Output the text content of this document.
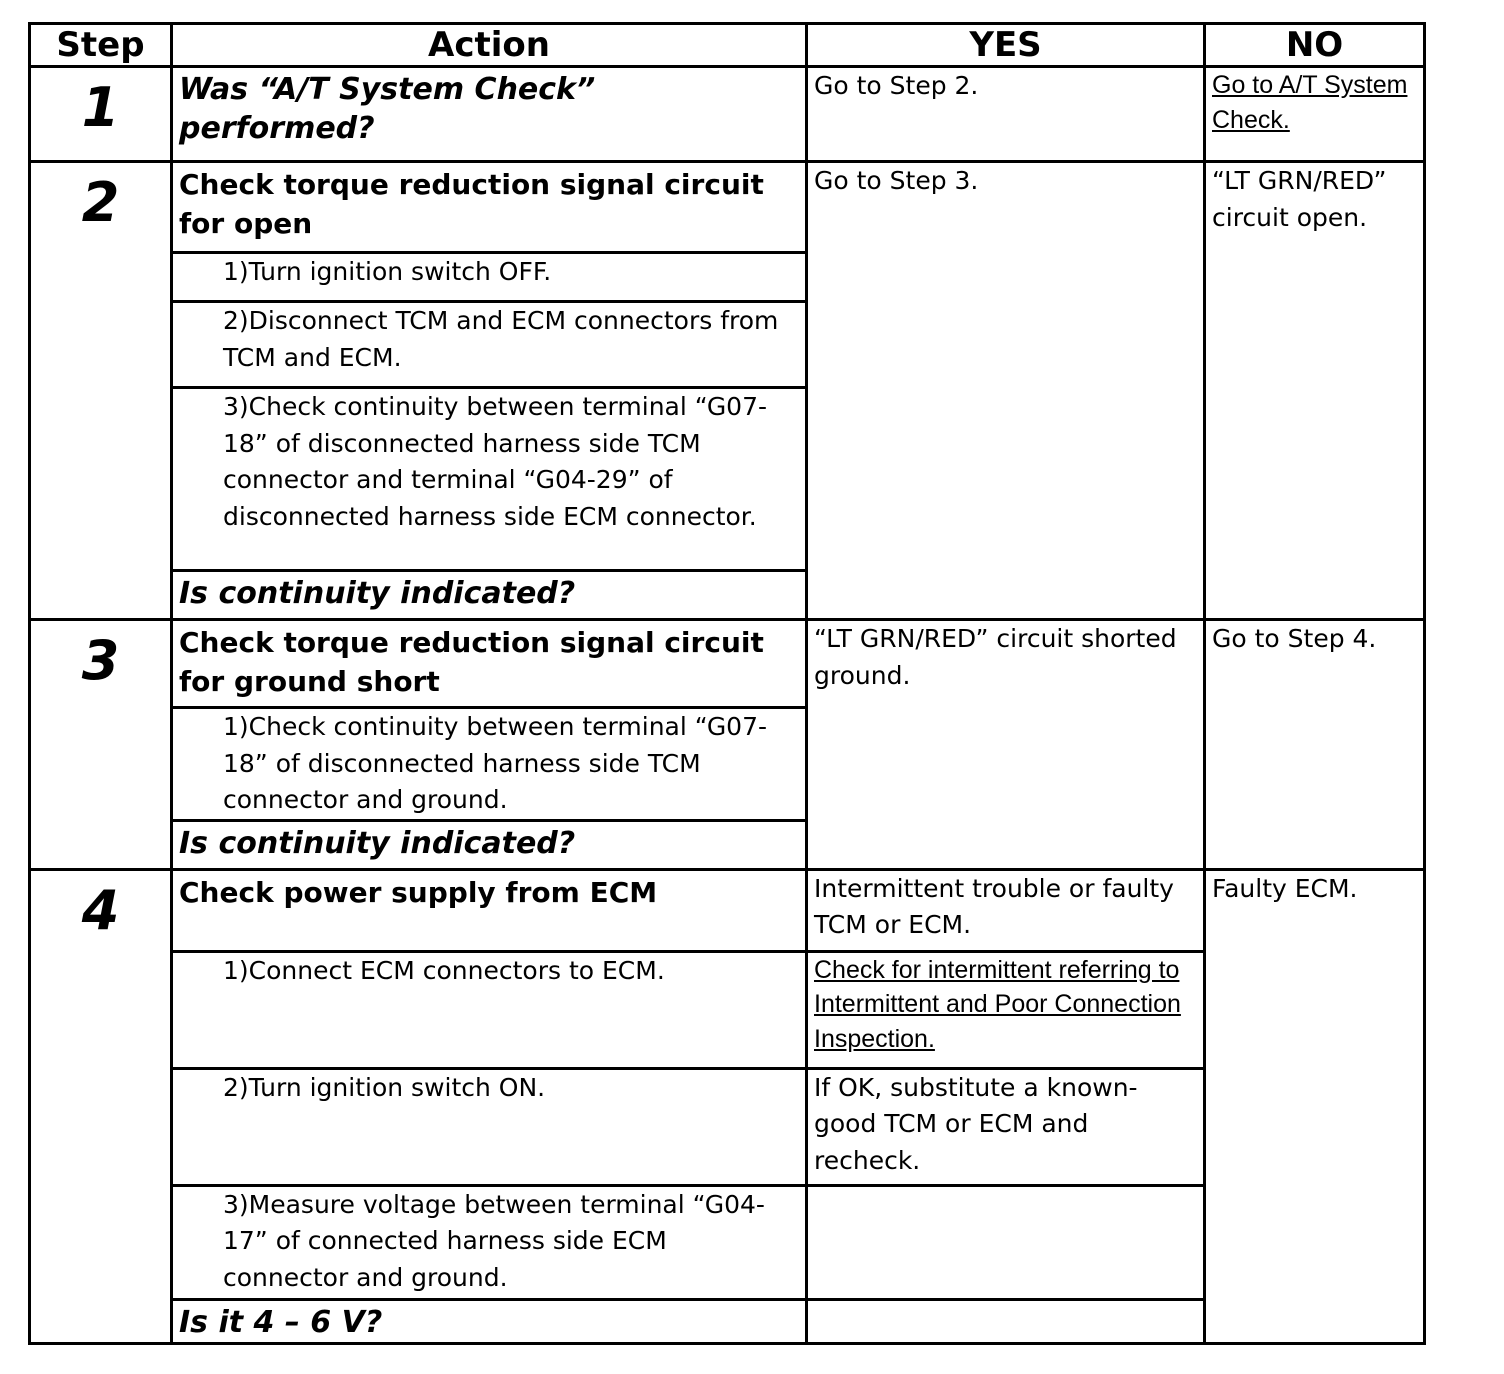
Step	Action	YES	NO
1	Was “A/T System Check” performed?	Go to Step 2.	Go to A/T System Check.
2	Check torque reduction signal circuit for open	Go to Step 3.	“LT GRN/RED” circuit open.
	1)Turn ignition switch OFF.		
	2)Disconnect TCM and ECM connectors from TCM and ECM.		
	3)Check continuity between terminal “G07-18” of disconnected harness side TCM connector and terminal “G04-29” of disconnected harness side ECM connector.		
	Is continuity indicated?		
3	Check torque reduction signal circuit for ground short	“LT GRN/RED” circuit shorted ground.	Go to Step 4.
	1)Check continuity between terminal “G07-18” of disconnected harness side TCM connector and ground.		
	Is continuity indicated?		
4	Check power supply from ECM	Intermittent trouble or faulty TCM or ECM.	Faulty ECM.
	1)Connect ECM connectors to ECM.	Check for intermittent referring to Intermittent and Poor Connection Inspection.	
	2)Turn ignition switch ON.	If OK, substitute a known-good TCM or ECM and recheck.	
	3)Measure voltage between terminal “G04-17” of connected harness side ECM connector and ground.		
	Is it 4 – 6 V?		
